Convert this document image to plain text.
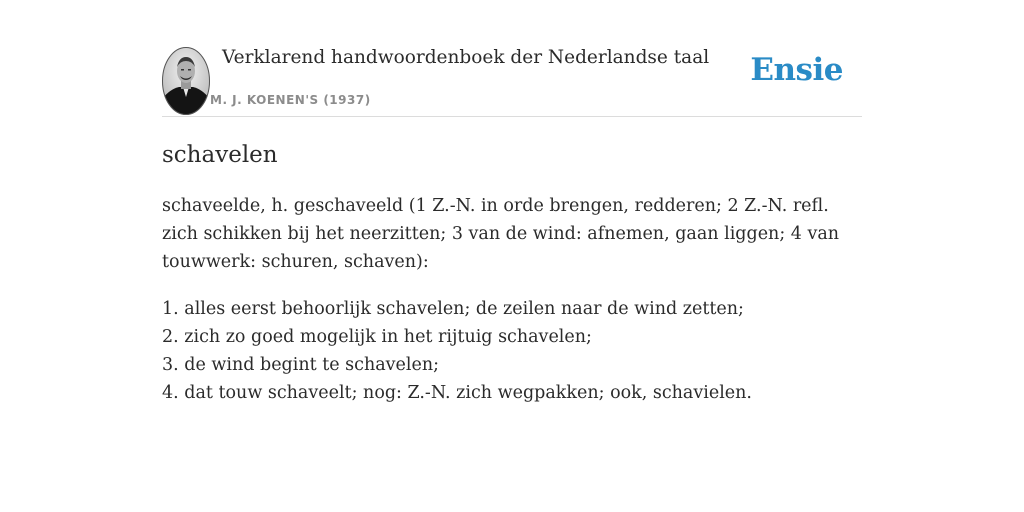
Verklarend handwoordenboek der Nederlandse taal
M. J. KOENEN'S (1937)
Ensie
schavelen

schaveelde, h. geschaveeld (1 Z.-N. in orde brengen, redderen; 2 Z.-N. refl. zich schikken bij het neerzitten; 3 van de wind: afnemen, gaan liggen; 4 van touwwerk: schuren, schaven):

1. alles eerst behoorlijk schavelen; de zeilen naar de wind zetten;
2. zich zo goed mogelijk in het rijtuig schavelen;
3. de wind begint te schavelen;
4. dat touw schaveelt; nog: Z.-N. zich wegpakken; ook, schavielen.
